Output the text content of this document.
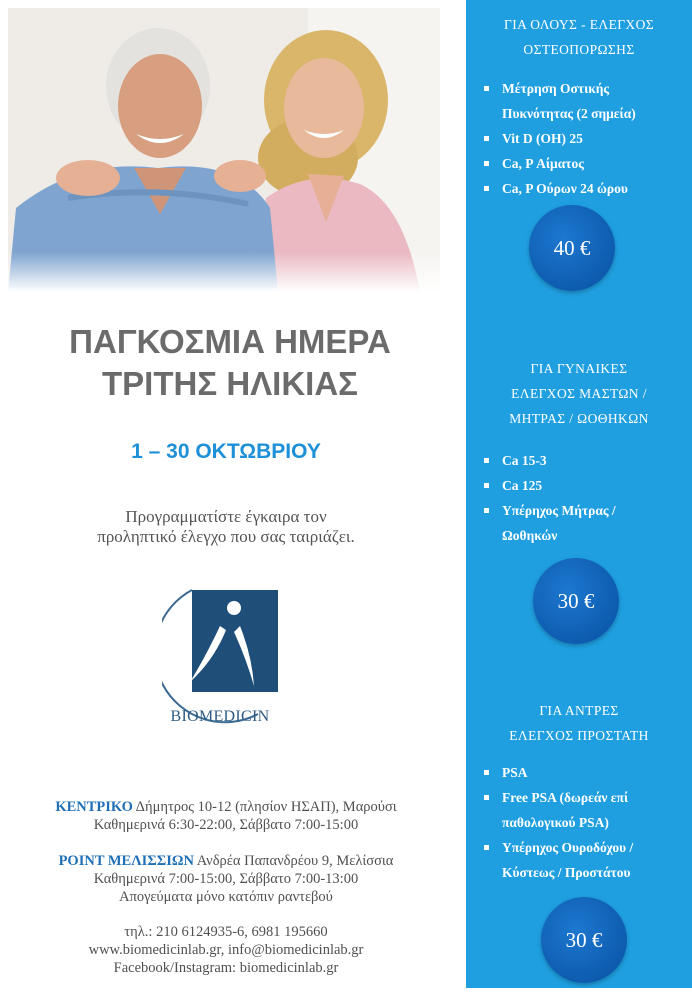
ΠΑΓΚΟΣΜΙΑ ΗΜΕΡΑ
ΤΡΙΤΗΣ ΗΛΙΚΙΑΣ
1 – 30 ΟΚΤΩΒΡΙΟΥ
Προγραμματίστε έγκαιρα τον
προληπτικό έλεγχο που σας ταιριάζει.
BIOMEDICIN
ΚΕΝΤΡΙΚΟ Δήμητρος 10-12 (πλησίον ΗΣΑΠ), Μαρούσι
Καθημερινά 6:30-22:00, Σάββατο 7:00-15:00
POINT ΜΕΛΙΣΣΙΩΝ Ανδρέα Παπανδρέου 9, Μελίσσια
Καθημερινά 7:00-15:00, Σάββατο 7:00-13:00
Απογεύματα μόνο κατόπιν ραντεβού
τηλ.: 210 6124935-6, 6981 195660
www.biomedicinlab.gr, info@biomedicinlab.gr
Facebook/Instagram: biomedicinlab.gr
ΓΙΑ ΟΛΟΥΣ - ΕΛΕΓΧΟΣ
ΟΣΤΕΟΠΟΡΩΣΗΣ
Μέτρηση Οστικής
Πυκνότητας (2 σημεία)
Vit D (OH) 25
Ca, P Αίματος
Ca, P Ούρων 24 ώρου
40 €
ΓΙΑ ΓΥΝΑΙΚΕΣ
ΕΛΕΓΧΟΣ ΜΑΣΤΩΝ /
ΜΗΤΡΑΣ / ΩΟΘΗΚΩΝ
Ca 15-3
Ca 125
Υπέρηχος Μήτρας /
Ωοθηκών
30 €
ΓΙΑ ΑΝΤΡΕΣ
ΕΛΕΓΧΟΣ ΠΡΟΣΤΑΤΗ
PSA
Free PSA (δωρεάν επί
παθολογικού PSA)
Υπέρηχος Ουροδόχου /
Κύστεως / Προστάτου
30 €
